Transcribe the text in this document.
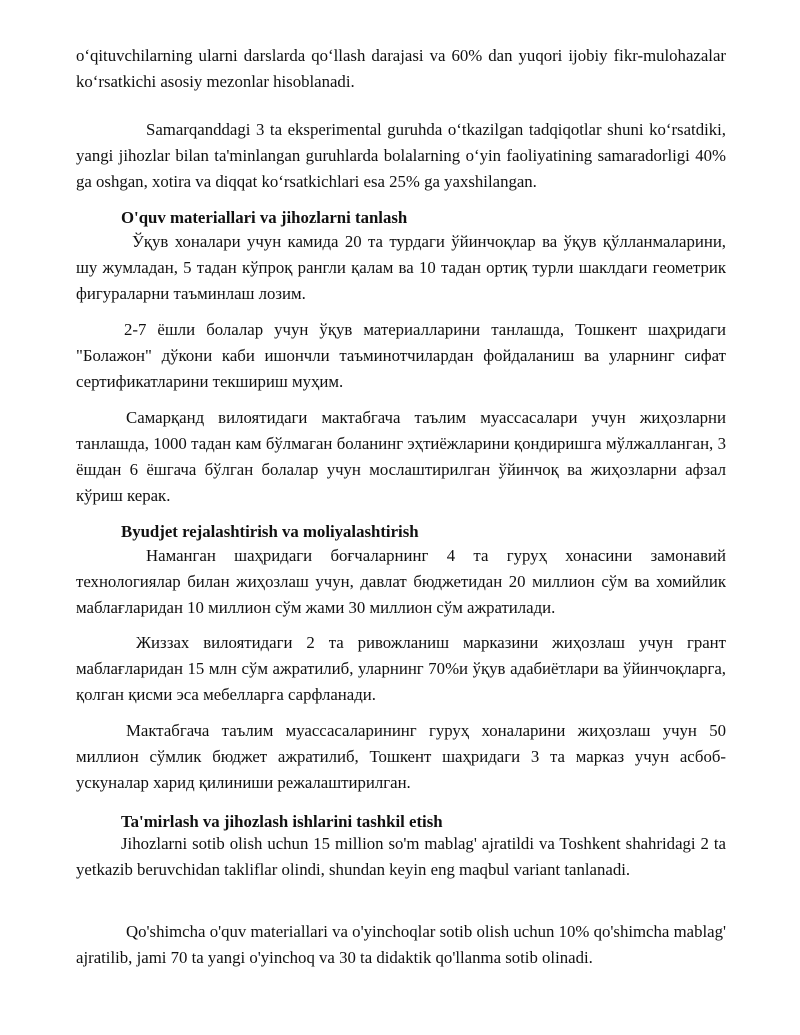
oʻqituvchilarning ularni darslarda qoʻllash darajasi va 60% dan yuqori ijobiy fikr-mulohazalar koʻrsatkichi asosiy mezonlar hisoblanadi.

Samarqanddagi 3 ta eksperimental guruhda oʻtkazilgan tadqiqotlar shuni koʻrsatdiki, yangi jihozlar bilan ta'minlangan guruhlarda bolalarning oʻyin faoliyatining samaradorligi 40% ga oshgan, xotira va diqqat koʻrsatkichlari esa 25% ga yaxshilangan.

O'quv materiallari va jihozlarni tanlash

Ўқув хоналари учун камида 20 та турдаги ўйинчоқлар ва ўқув қўлланмаларини, шу жумладан, 5 тадан кўпроқ рангли қалам ва 10 тадан ортиқ турли шаклдаги геометрик фигураларни таъминлаш лозим.

2-7 ёшли болалар учун ўқув материалларини танлашда, Тошкент шаҳридаги "Болажон" дўкони каби ишончли таъминотчилардан фойдаланиш ва уларнинг сифат сертификатларини текшириш муҳим.

Самарқанд вилоятидаги мактабгача таълим муассасалари учун жиҳозларни танлашда, 1000 тадан кам бўлмаган боланинг эҳтиёжларини қондиришга мўлжалланган, 3 ёшдан 6 ёшгача бўлган болалар учун мослаштирилган ўйинчоқ ва жиҳозларни афзал кўриш керак.

Byudjet rejalashtirish va moliyalashtirish

Наманган шаҳридаги боғчаларнинг 4 та гуруҳ хонасини замонавий технологиялар билан жиҳозлаш учун, давлат бюджетидан 20 миллион сўм ва хомийлик маблағларидан 10 миллион сўм жами 30 миллион сўм ажратилади.

Жиззах вилоятидаги 2 та ривожланиш марказини жиҳозлаш учун грант маблағларидан 15 млн сўм ажратилиб, уларнинг 70%и ўқув адабиётлари ва ўйинчоқларга, қолган қисми эса мебелларга сарфланади.

Мактабгача таълим муассасаларининг гуруҳ хоналарини жиҳозлаш учун 50 миллион сўмлик бюджет ажратилиб, Тошкент шаҳридаги 3 та марказ учун асбоб-ускуналар харид қилиниши режалаштирилган.

Ta'mirlash va jihozlash ishlarini tashkil etish

Jihozlarni sotib olish uchun 15 million so'm mablag' ajratildi va Toshkent shahridagi 2 ta yetkazib beruvchidan takliflar olindi, shundan keyin eng maqbul variant tanlanadi.

Qo'shimcha o'quv materiallari va o'yinchoqlar sotib olish uchun 10% qo'shimcha mablag' ajratilib, jami 70 ta yangi o'yinchoq va 30 ta didaktik qo'llanma sotib olinadi.
